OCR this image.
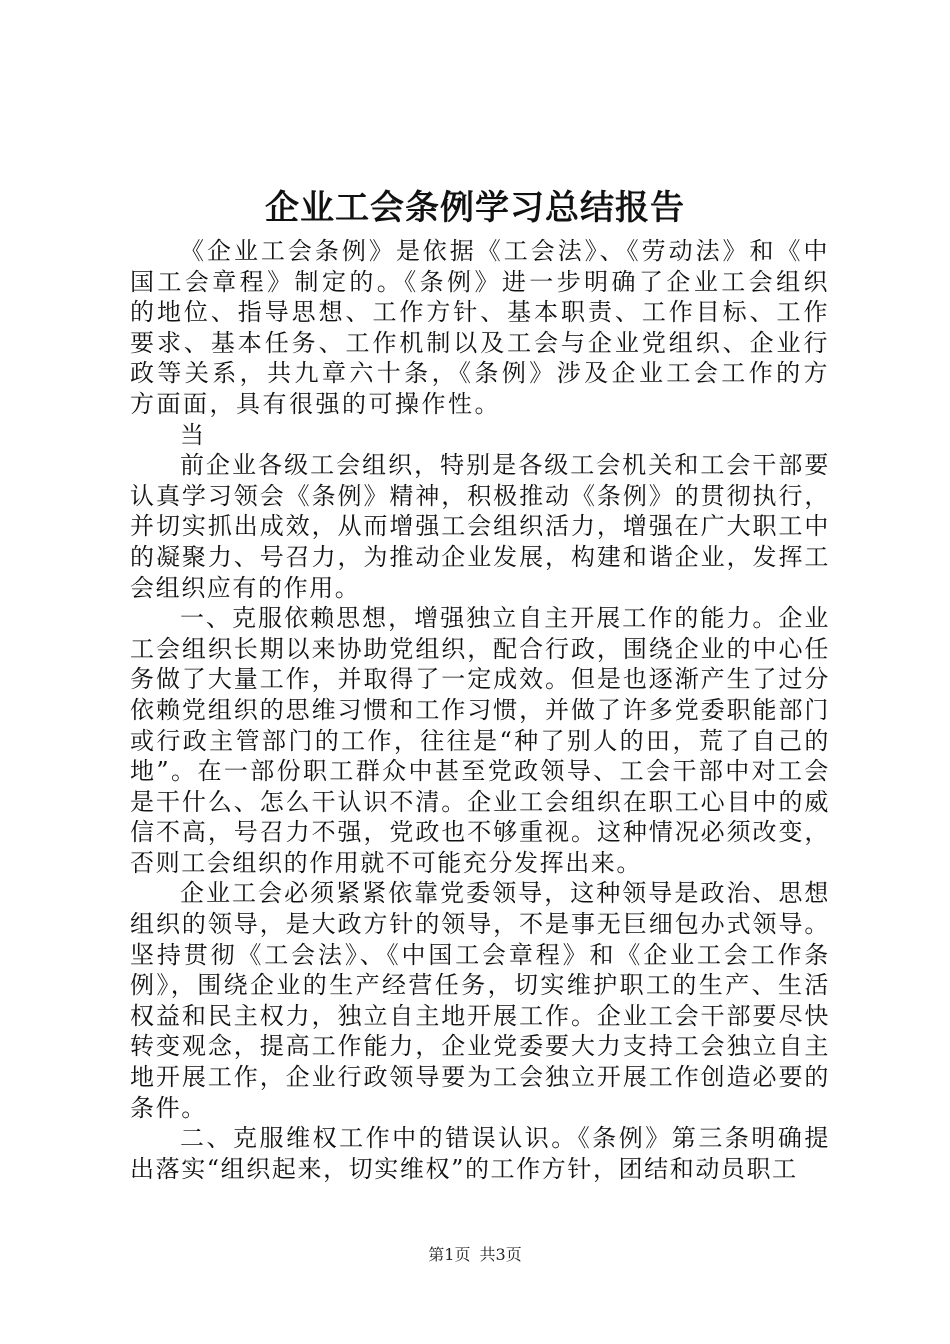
企业工会条例学习总结报告

《企业工会条例》是依据《工会法》、《劳动法》和《中国工会章程》制定的。《条例》进一步明确了企业工会组织的地位、指导思想、工作方针、基本职责、工作目标、工作要求、基本任务、工作机制以及工会与企业党组织、企业行政等关系，共九章六十条，《条例》涉及企业工会工作的方方面面，具有很强的可操作性。

当

前企业各级工会组织，特别是各级工会机关和工会干部要认真学习领会《条例》精神，积极推动《条例》的贯彻执行，并切实抓出成效，从而增强工会组织活力，增强在广大职工中的凝聚力、号召力，为推动企业发展，构建和谐企业，发挥工会组织应有的作用。

一、克服依赖思想，增强独立自主开展工作的能力。企业工会组织长期以来协助党组织，配合行政，围绕企业的中心任务做了大量工作，并取得了一定成效。但是也逐渐产生了过分依赖党组织的思维习惯和工作习惯，并做了许多党委职能部门或行政主管部门的工作，往往是“种了别人的田，荒了自己的地”。在一部份职工群众中甚至党政领导、工会干部中对工会是干什么、怎么干认识不清。企业工会组织在职工心目中的威信不高，号召力不强，党政也不够重视。这种情况必须改变，否则工会组织的作用就不可能充分发挥出来。

企业工会必须紧紧依靠党委领导，这种领导是政治、思想组织的领导，是大政方针的领导，不是事无巨细包办式领导。坚持贯彻《工会法》、《中国工会章程》和《企业工会工作条例》，围绕企业的生产经营任务，切实维护职工的生产、生活权益和民主权力，独立自主地开展工作。企业工会干部要尽快转变观念，提高工作能力，企业党委要大力支持工会独立自主地开展工作，企业行政领导要为工会独立开展工作创造必要的条件。

二、克服维权工作中的错误认识。《条例》第三条明确提出落实“组织起来，切实维权”的工作方针，团结和动员职工

第1页 共3页
